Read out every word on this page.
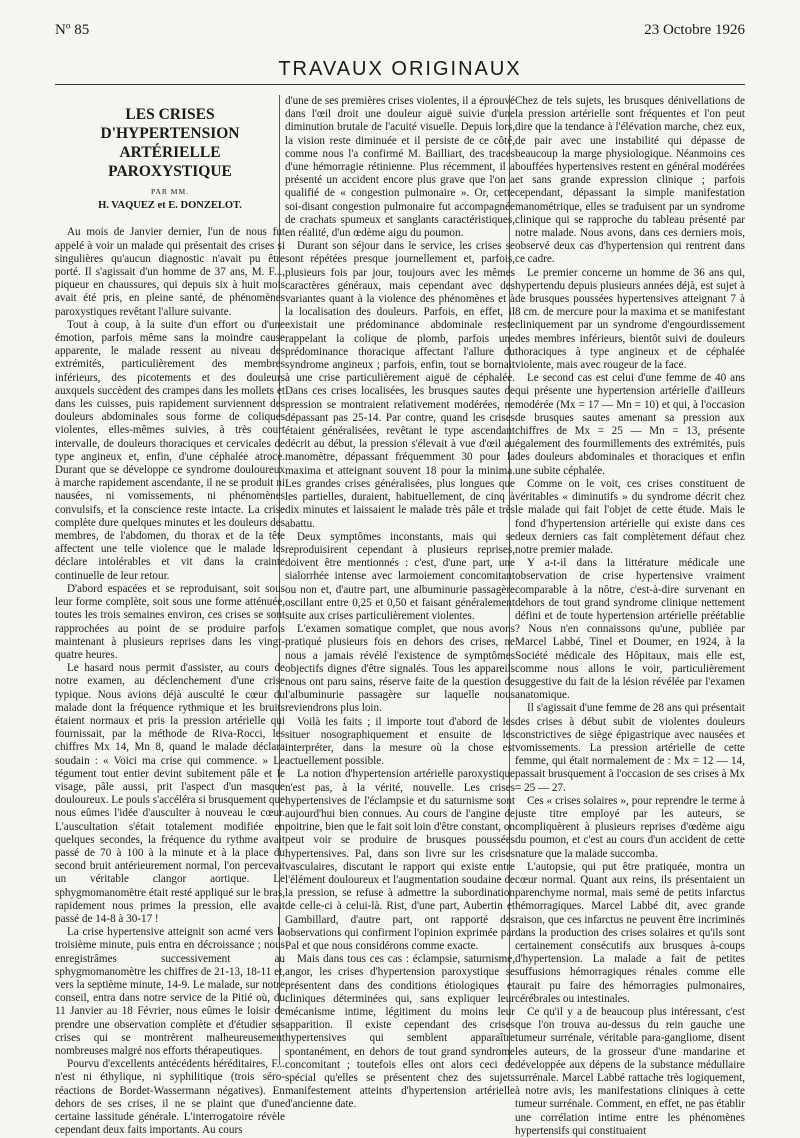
Nº 85	23 Octobre 1926
TRAVAUX ORIGINAUX
LES CRISES
D'HYPERTENSION ARTÉRIELLE
PAROXYSTIQUE
PAR MM.
H. VAQUEZ et E. DONZELOT.

Au mois de Janvier dernier, l'un de nous fut appelé à voir un malade qui présentait des crises si singulières qu'aucun diagnostic n'avait pu être porté. Il s'agissait d'un homme de 37 ans, M. F..., piqueur en chaussures, qui depuis six à huit mois avait été pris, en pleine santé, de phénomènes paroxystiques revêtant l'allure suivante.

Tout à coup, à la suite d'un effort ou d'une émotion, parfois même sans la moindre cause apparente, le malade ressent au niveau des extrémités, particulièrement des membres inférieurs, des picotements et des douleurs auxquels succèdent des crampes dans les mollets et dans les cuisses, puis rapidement surviennent des douleurs abdominales sous forme de coliques violentes, elles-mêmes suivies, à très court intervalle, de douleurs thoraciques et cervicales de type angineux et, enfin, d'une céphalée atroce. Durant que se développe ce syndrome douloureux à marche rapidement ascendante, il ne se produit ni nausées, ni vomissements, ni phénomènes convulsifs, et la conscience reste intacte. La crise complète dure quelques minutes et les douleurs des membres, de l'abdomen, du thorax et de la tête affectent une telle violence que le malade les déclare intolérables et vit dans la crainte continuelle de leur retour.

D'abord espacées et se reproduisant, soit sous leur forme complète, soit sous une forme atténuée, toutes les trois semaines environ, ces crises se sont rapprochées au point de se produire parfois maintenant à plusieurs reprises dans les vingt-quatre heures.

Le hasard nous permit d'assister, au cours de notre examen, au déclenchement d'une crise typique. Nous avions déjà ausculté le cœur du malade dont la fréquence rythmique et les bruits étaient normaux et pris la pression artérielle qui fournissait, par la méthode de Riva-Rocci, les chiffres Mx 14, Mn 8, quand le malade déclara soudain : « Voici ma crise qui commence. » Le tégument tout entier devint subitement pâle et le visage, pâle aussi, prit l'aspect d'un masque douloureux. Le pouls s'accéléra si brusquement que nous eûmes l'idée d'ausculter à nouveau le cœur. L'auscultation s'était totalement modifiée en quelques secondes, la fréquence du rythme avait passé de 70 à 100 à la minute et à la place du second bruit antérieurement normal, l'on percevait un véritable clangor aortique. Le sphygmomanomètre était resté appliqué sur le bras, rapidement nous primes la pression, elle avait passé de 14-8 à 30-17 !

La crise hypertensive atteignit son acmé vers la troisième minute, puis entra en décroissance ; nous enregistrâmes successivement au sphygmomanomètre les chiffres de 21-13, 18-11 et, vers la septième minute, 14-9. Le malade, sur notre conseil, entra dans notre service de la Pitié où, du 11 Janvier au 18 Février, nous eûmes le loisir de prendre une observation complète et d'étudier ses crises qui se montrèrent malheureusement nombreuses malgré nos efforts thérapeutiques.

Pourvu d'excellents antécédents héréditaires, F... n'est ni éthylique, ni syphilitique (trois séro-réactions de Bordet-Wassermann négatives). En dehors de ses crises, il ne se plaint que d'une certaine lassitude générale. L'interrogatoire révèle cependant deux faits importants. Au cours

d'une de ses premières crises violentes, il a éprouvé dans l'œil droit une douleur aiguë suivie d'une diminution brutale de l'acuité visuelle. Depuis lors, la vision reste diminuée et il persiste de ce côté, comme nous l'a confirmé M. Bailliart, des traces d'une hémorragie rétinienne. Plus récemment, il a présenté un accident encore plus grave que l'on a qualifié de « congestion pulmonaire ». Or, cette soi-disant congestion pulmonaire fut accompagnée de crachats spumeux et sanglants caractéristiques, en réalité, d'un œdème aigu du poumon.

Durant son séjour dans le service, les crises se sont répétées presque journellement et, parfois, plusieurs fois par jour, toujours avec les mêmes caractères généraux, mais cependant avec des variantes quant à la violence des phénomènes et à la localisation des douleurs. Parfois, en effet, il existait une prédominance abdominale reste rappelant la colique de plomb, parfois une prédominance thoracique affectant l'allure du syndrome angineux ; parfois, enfin, tout se bornait à une crise particulièrement aiguë de céphalée. Dans ces crises localisées, les brusques sautes de pression se montraient relativement modérées, ne dépassant pas 25-14. Par contre, quand les crises étaient généralisées, revêtant le type ascendant décrit au début, la pression s'élevait à vue d'œil au manomètre, dépassant fréquemment 30 pour la maxima et atteignant souvent 18 pour la minima. Les grandes crises généralisées, plus longues que les partielles, duraient, habituellement, de cinq à dix minutes et laissaient le malade très pâle et très abattu.

Deux symptômes inconstants, mais qui se reproduisirent cependant à plusieurs reprises, doivent être mentionnés : c'est, d'une part, une sialorrhée intense avec larmoiement concomitant ou non et, d'autre part, une albuminurie passagère oscillant entre 0,25 et 0,50 et faisant généralement suite aux crises particulièrement violentes.

L'examen somatique complet, que nous avons pratiqué plusieurs fois en dehors des crises, ne nous a jamais révélé l'existence de symptômes objectifs dignes d'être signalés. Tous les appareils nous ont paru sains, réserve faite de la question de l'albuminurie passagère sur laquelle nous reviendrons plus loin.

Voilà les faits ; il importe tout d'abord de les situer nosographiquement et ensuite de les interpréter, dans la mesure où la chose est actuellement possible.

La notion d'hypertension artérielle paroxystique n'est pas, à la vérité, nouvelle. Les crises hypertensives de l'éclampsie et du saturnisme sont aujourd'hui bien connues. Au cours de l'angine de poitrine, bien que le fait soit loin d'être constant, on peut voir se produire de brusques poussées hypertensives. Pal, dans son livre sur les crises vasculaires, discutant le rapport qui existe entre l'élément douloureux et l'augmentation soudaine de la pression, se refuse à admettre la subordination de celle-ci à celui-là. Rist, d'une part, Aubertin et Gambillard, d'autre part, ont rapporté des observations qui confirment l'opinion exprimée par Pal et que nous considérons comme exacte.

Mais dans tous ces cas : éclampsie, saturnisme, angor, les crises d'hypertension paroxystique se présentent dans des conditions étiologiques et cliniques déterminées qui, sans expliquer leur mécanisme intime, légitiment du moins leur apparition. Il existe cependant des crises hypertensives qui semblent apparaître spontanément, en dehors de tout grand syndrome concomitant ; toutefois elles ont alors ceci de spécial qu'elles se présentent chez des sujets manifestement atteints d'hypertension artérielle d'ancienne date.

Chez de tels sujets, les brusques dénivellations de la pression artérielle sont fréquentes et l'on peut dire que la tendance à l'élévation marche, chez eux, de pair avec une instabilité qui dépasse de beaucoup la marge physiologique. Néanmoins ces bouffées hypertensives restent en général modérées et sans grande expression clinique ; parfois cependant, dépassant la simple manifestation manométrique, elles se traduisent par un syndrome clinique qui se rapproche du tableau présenté par notre malade. Nous avons, dans ces derniers mois, observé deux cas d'hypertension qui rentrent dans ce cadre.

Le premier concerne un homme de 36 ans qui, hypertendu depuis plusieurs années déjà, est sujet à de brusques poussées hypertensives atteignant 7 à 8 cm. de mercure pour la maxima et se manifestant cliniquement par un syndrome d'engourdissement des membres inférieurs, bientôt suivi de douleurs thoraciques à type angineux et de céphalée violente, mais avec rougeur de la face.

Le second cas est celui d'une femme de 40 ans qui présente une hypertension artérielle d'ailleurs modérée (Mx = 17 — Mn = 10) et qui, à l'occasion de brusques sautes amenant sa pression aux chiffres de Mx = 25 — Mn = 13, présente également des fourmillements des extrémités, puis des douleurs abdominales et thoraciques et enfin une subite céphalée.

Comme on le voit, ces crises constituent de véritables « diminutifs » du syndrome décrit chez le malade qui fait l'objet de cette étude. Mais le fond d'hypertension artérielle qui existe dans ces deux derniers cas fait complètement défaut chez notre premier malade.

Y a-t-il dans la littérature médicale une observation de crise hypertensive vraiment comparable à la nôtre, c'est-à-dire survenant en dehors de tout grand syndrome clinique nettement défini et de toute hypertension artérielle préétablie ? Nous n'en connaissons qu'une, publiée par Marcel Labbé, Tinel et Doumer, en 1924, à la Société médicale des Hôpitaux, mais elle est, comme nous allons le voir, particulièrement suggestive du fait de la lésion révélée par l'examen anatomique.

Il s'agissait d'une femme de 28 ans qui présentait des crises à début subit de violentes douleurs constrictives de siège épigastrique avec nausées et vomissements. La pression artérielle de cette femme, qui était normalement de : Mx = 12 — 14, passait brusquement à l'occasion de ses crises à Mx = 25 — 27.

Ces « crises solaires », pour reprendre le terme à juste titre employé par les auteurs, se compliquèrent à plusieurs reprises d'œdème aigu du poumon, et c'est au cours d'un accident de cette nature que la malade succomba.

L'autopsie, qui put être pratiquée, montra un cœur normal. Quant aux reins, ils présentaient un parenchyme normal, mais semé de petits infarctus hémorragiques. Marcel Labbé dit, avec grande raison, que ces infarctus ne peuvent être incriminés dans la production des crises solaires et qu'ils sont certainement consécutifs aux brusques à-coups d'hypertension. La malade a fait de petites suffusions hémorragiques rénales comme elle aurait pu faire des hémorragies pulmonaires, cérébrales ou intestinales.

Ce qu'il y a de beaucoup plus intéressant, c'est que l'on trouva au-dessus du rein gauche une tumeur surrénale, véritable para-gangliome, disent les auteurs, de la grosseur d'une mandarine et développée aux dépens de la substance médullaire surrénale. Marcel Labbé rattache très logiquement, à notre avis, les manifestations cliniques à cette tumeur surrénale. Comment, en effet, ne pas établir une corrélation intime entre les phénomènes hypertensifs qui constituaient
